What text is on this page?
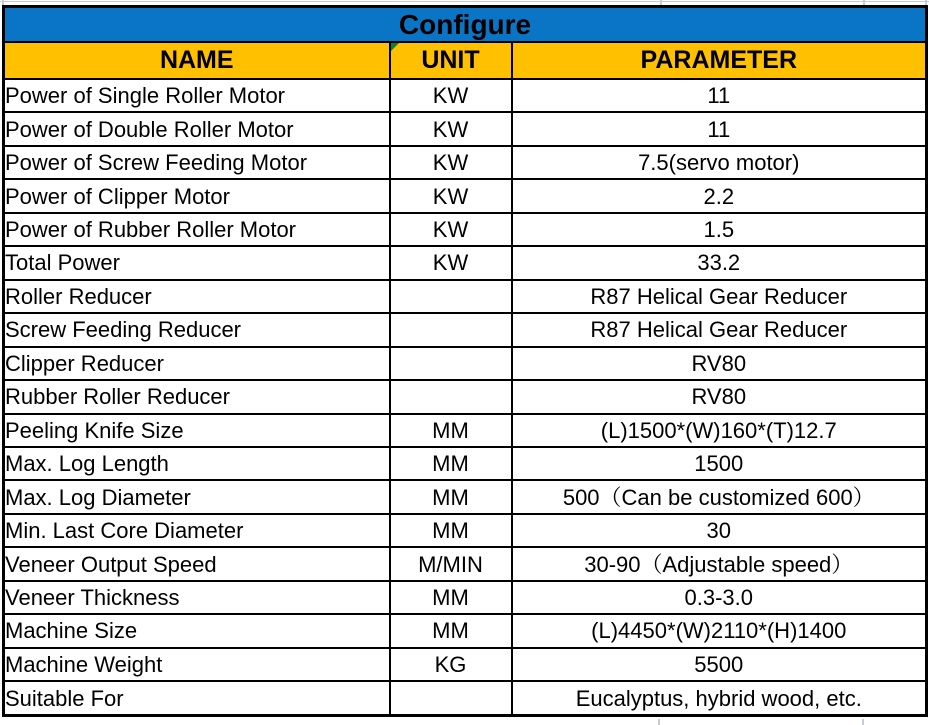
Configure		
NAME	UNIT	PARAMETER
Power of Single Roller Motor	KW	11
Power of Double Roller Motor	KW	11
Power of Screw Feeding Motor	KW	7.5(servo motor)
Power of Clipper Motor	KW	2.2
Power of Rubber Roller Motor	KW	1.5
Total Power	KW	33.2
Roller Reducer		R87 Helical Gear Reducer
Screw Feeding Reducer		R87 Helical Gear Reducer
Clipper Reducer		RV80
Rubber Roller Reducer		RV80
Peeling Knife Size	MM	(L)1500*(W)160*(T)12.7
Max. Log Length	MM	1500
Max. Log Diameter	MM	500（Can be customized 600）
Min. Last Core Diameter	MM	30
Veneer Output Speed	M/MIN	30-90（Adjustable speed）
Veneer Thickness	MM	0.3-3.0
Machine Size	MM	(L)4450*(W)2110*(H)1400
Machine Weight	KG	5500
Suitable For		Eucalyptus, hybrid wood, etc.
